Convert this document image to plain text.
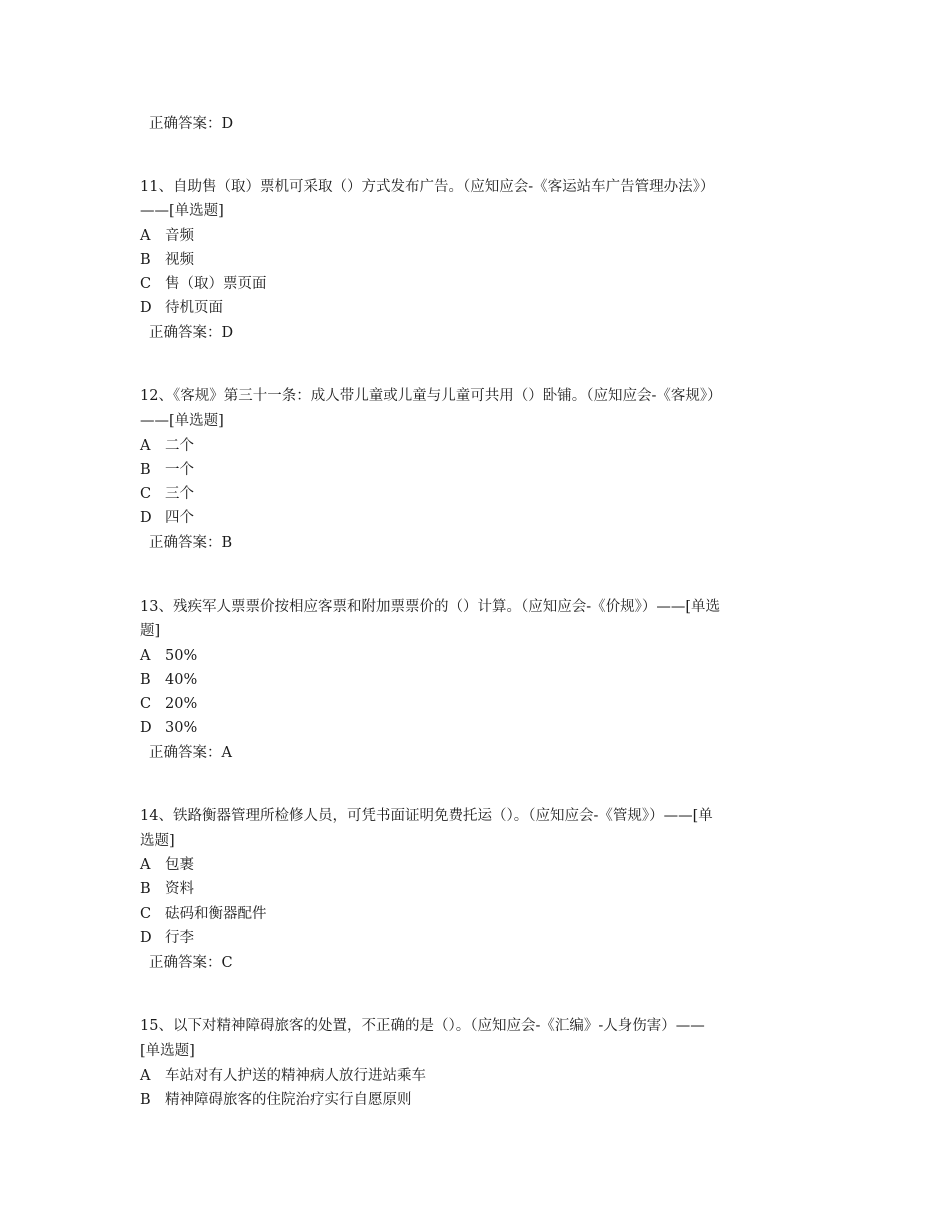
正确答案：D
11、自助售（取）票机可采取（）方式发布广告。（应知应会-《客运站车广告管理办法》）
——[单选题]
A 音频
B 视频
C 售（取）票页面
D 待机页面
正确答案：D
12、《客规》第三十一条：成人带儿童或儿童与儿童可共用（）卧铺。（应知应会-《客规》）
——[单选题]
A 二个
B 一个
C 三个
D 四个
正确答案：B
13、残疾军人票票价按相应客票和附加票票价的（）计算。（应知应会-《价规》）——[单选
题]
A 50%
B 40%
C 20%
D 30%
正确答案：A
14、铁路衡器管理所检修人员，可凭书面证明免费托运（）。（应知应会-《管规》）——[单
选题]
A 包裹
B 资料
C 砝码和衡器配件
D 行李
正确答案：C
15、以下对精神障碍旅客的处置，不正确的是（）。（应知应会-《汇编》-人身伤害）——
[单选题]
A 车站对有人护送的精神病人放行进站乘车
B 精神障碍旅客的住院治疗实行自愿原则
